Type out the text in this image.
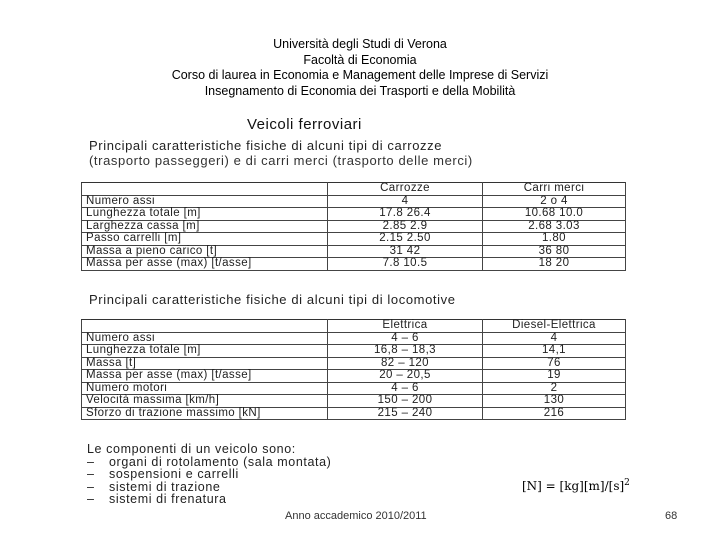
Università degli Studi di Verona
Facoltà di Economia
Corso di laurea in Economia e Management delle Imprese di Servizi
Insegnamento di Economia dei Trasporti e della Mobilità
Veicoli ferroviari
Principali caratteristiche fisiche di alcuni tipi di carrozze
(trasporto passeggeri) e di carri merci (trasporto delle merci)
	Carrozze	Carri merci
Numero assi	4	2 o 4
Lunghezza totale [m]	17.8 26.4	10.68 10.0
Larghezza cassa [m]	2.85 2.9	2.68 3.03
Passo carrelli [m]	2.15 2.50	1.80
Massa a pieno carico [t]	31 42	36 80
Massa per asse (max) [t/asse]	7.8 10.5	18 20
Principali caratteristiche fisiche di alcuni tipi di locomotive
	Elettrica	Diesel-Elettrica
Numero assi	4 – 6	4
Lunghezza totale [m]	16,8 – 18,3	14,1
Massa [t]	82 – 120	76
Massa per asse (max) [t/asse]	20 – 20,5	19
Numero motori	4 – 6	2
Velocità massima [km/h]	150 – 200	130
Sforzo di trazione massimo [kN]	215 – 240	216
Le componenti di un veicolo sono:
– organi di rotolamento (sala montata)
– sospensioni e carrelli
– sistemi di trazione
– sistemi di frenatura
$[N] = [kg][m]/[s]^2$
Anno accademico 2010/2011	68
